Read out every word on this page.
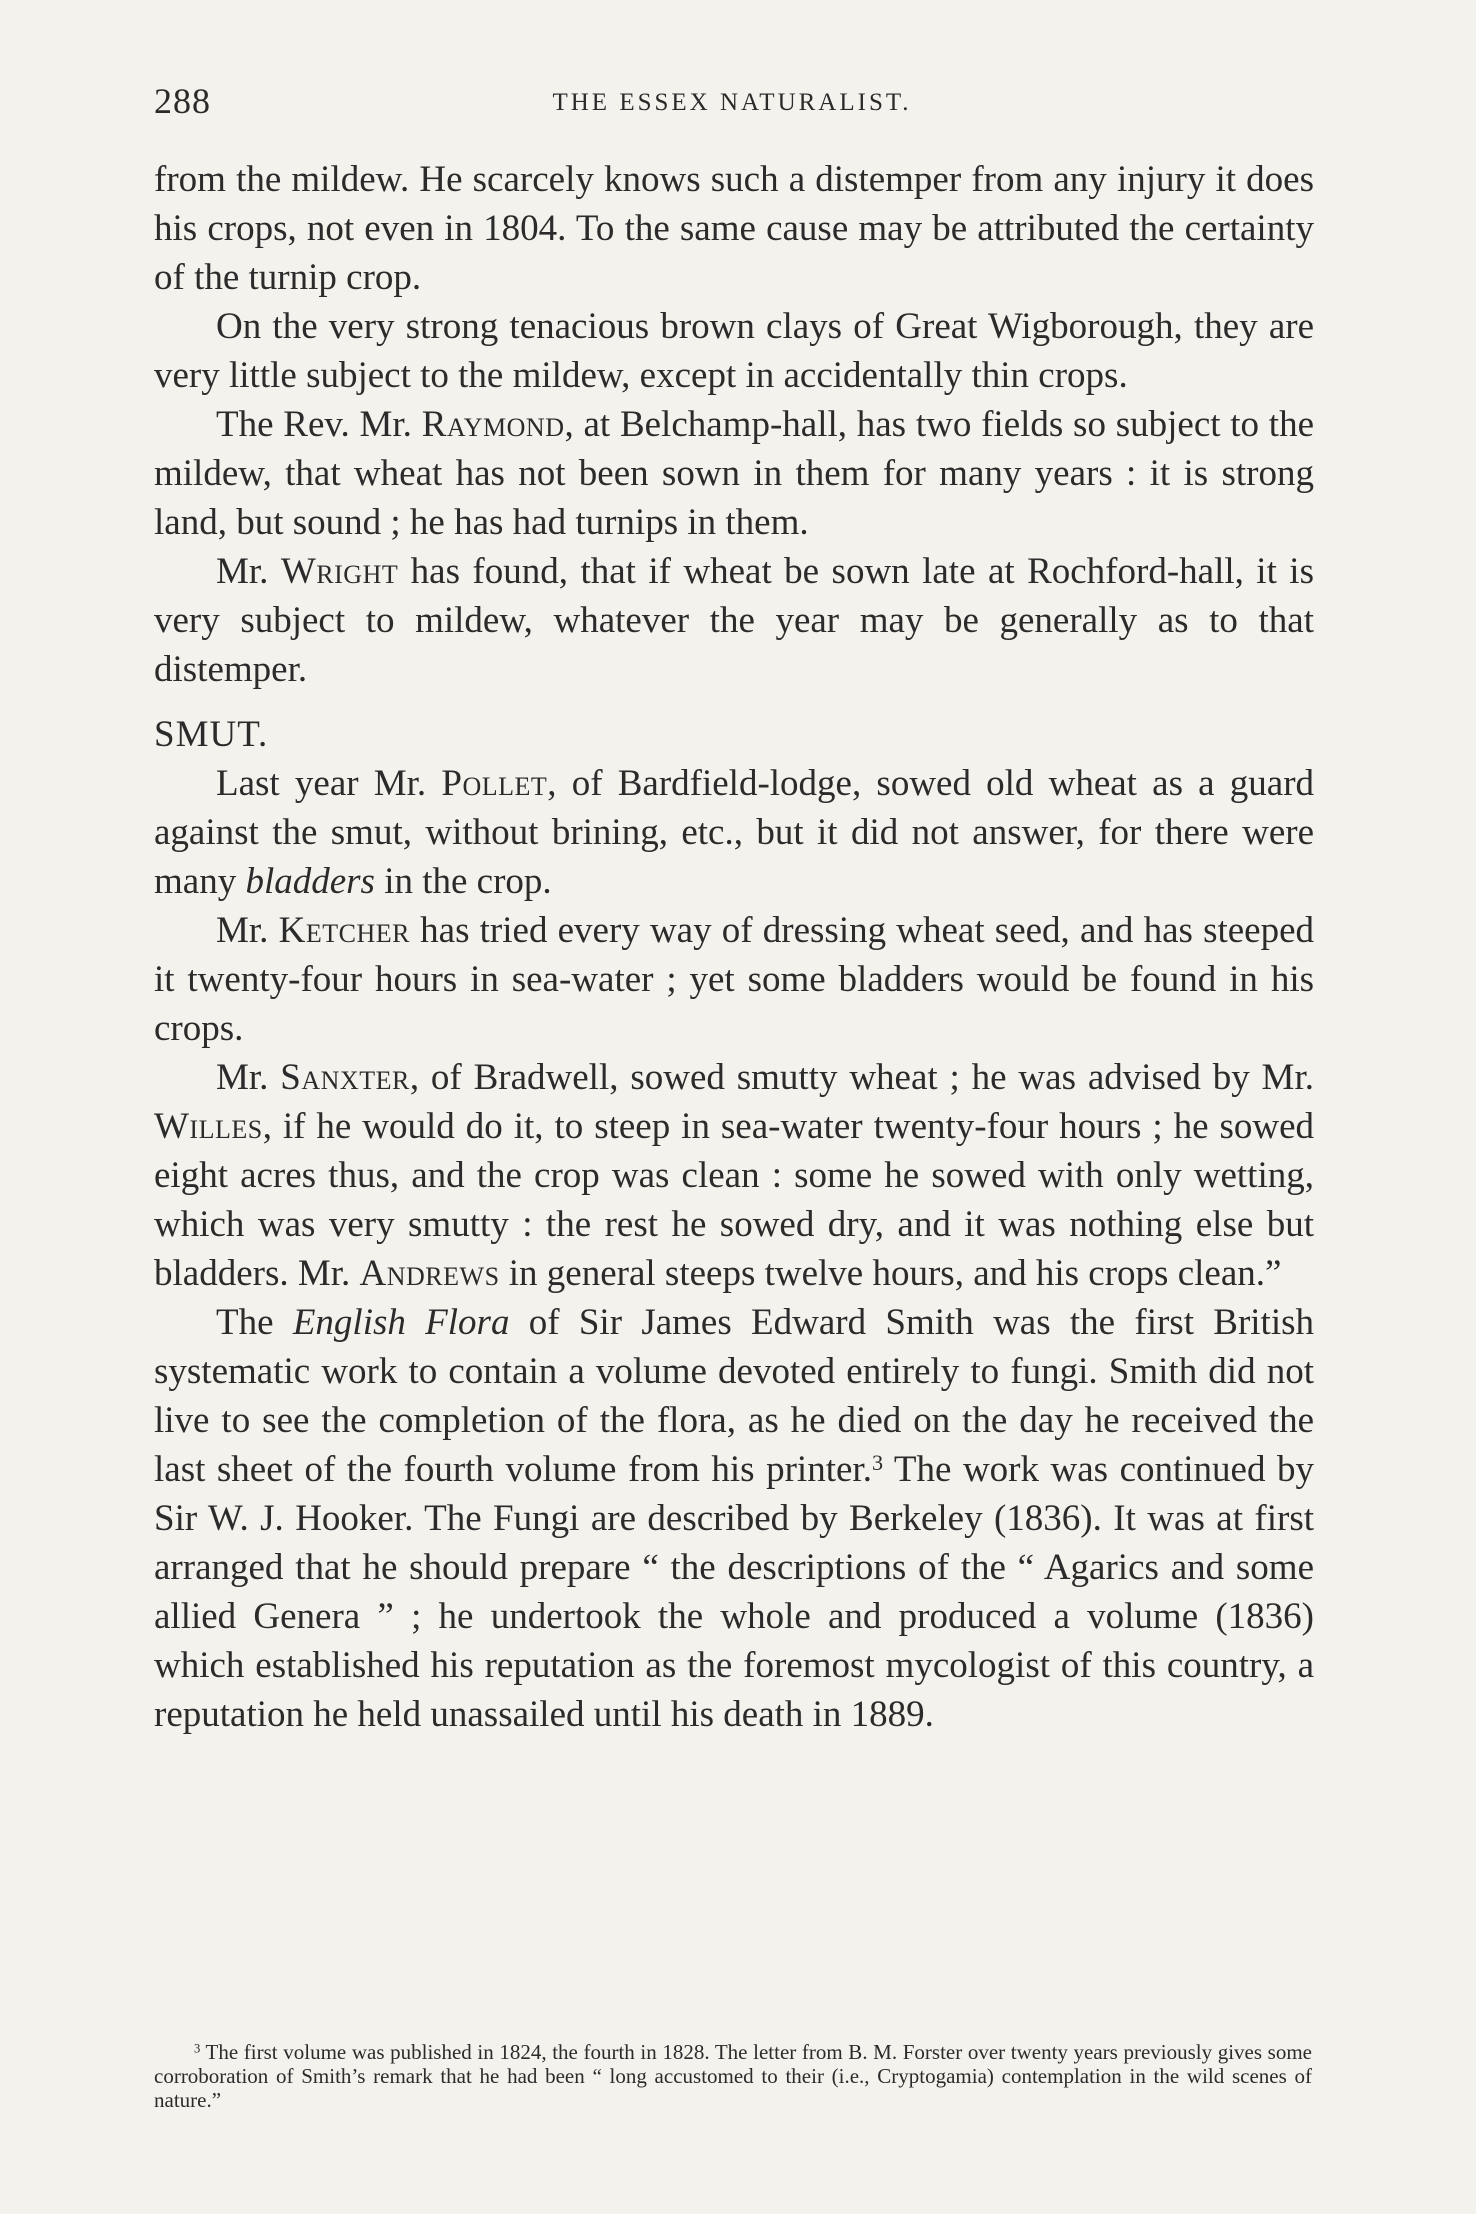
288	THE ESSEX NATURALIST.

from the mildew. He scarcely knows such a distemper from any injury it does his crops, not even in 1804. To the same cause may be attributed the certainty of the turnip crop.

On the very strong tenacious brown clays of Great Wigborough, they are very little subject to the mildew, except in accidentally thin crops.

The Rev. Mr. Raymond, at Belchamp-hall, has two fields so subject to the mildew, that wheat has not been sown in them for many years : it is strong land, but sound ; he has had turnips in them.

Mr. Wright has found, that if wheat be sown late at Rochford-hall, it is very subject to mildew, whatever the year may be generally as to that distemper.

SMUT.

Last year Mr. Pollet, of Bardfield-lodge, sowed old wheat as a guard against the smut, without brining, etc., but it did not answer, for there were many bladders in the crop.

Mr. Ketcher has tried every way of dressing wheat seed, and has steeped it twenty-four hours in sea-water ; yet some bladders would be found in his crops.

Mr. Sanxter, of Bradwell, sowed smutty wheat ; he was advised by Mr. Willes, if he would do it, to steep in sea-water twenty-four hours ; he sowed eight acres thus, and the crop was clean : some he sowed with only wetting, which was very smutty : the rest he sowed dry, and it was nothing else but bladders. Mr. Andrews in general steeps twelve hours, and his crops clean.”

The English Flora of Sir James Edward Smith was the first British systematic work to contain a volume devoted entirely to fungi. Smith did not live to see the completion of the flora, as he died on the day he received the last sheet of the fourth volume from his printer.$^3$ The work was continued by Sir W. J. Hooker. The Fungi are described by Berkeley (1836). It was at first arranged that he should prepare “ the descriptions of the “ Agarics and some allied Genera ” ; he undertook the whole and produced a volume (1836) which established his reputation as the foremost mycologist of this country, a reputation he held unassailed until his death in 1889.

$^3$ The first volume was published in 1824, the fourth in 1828. The letter from B. M. Forster over twenty years previously gives some corroboration of Smith’s remark that he had been “ long accustomed to their (i.e., Cryptogamia) contemplation in the wild scenes of nature.”
